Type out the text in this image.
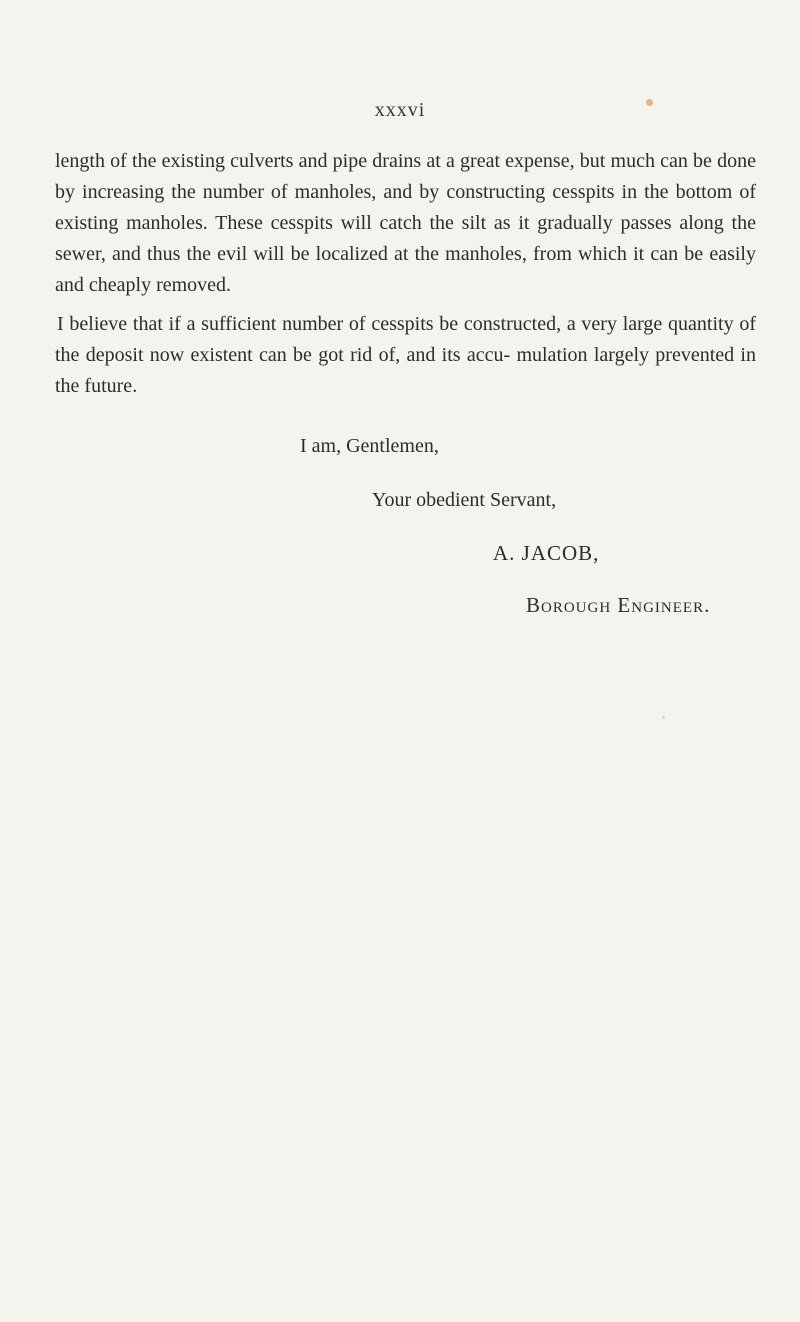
xxxvi

length of the existing culverts and pipe drains at a great expense, but much can be done by increasing the number of manholes, and by constructing cesspits in the bottom of existing manholes. These cesspits will catch the silt as it gradually passes along the sewer, and thus the evil will be localized at the manholes, from which it can be easily and cheaply removed.

I believe that if a sufficient number of cesspits be constructed, a very large quantity of the deposit now existent can be got rid of, and its accu- mulation largely prevented in the future.

I am, Gentlemen,

Your obedient Servant,

A. JACOB,

Borough Engineer.
